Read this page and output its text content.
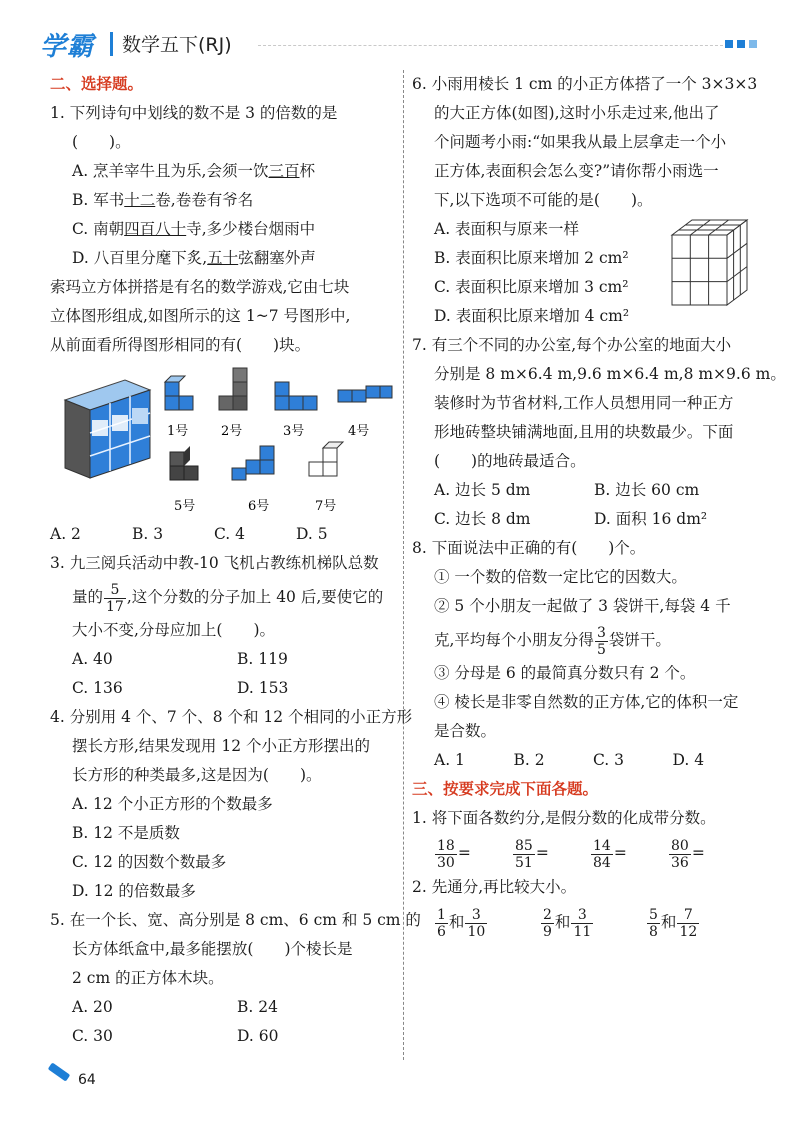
学霸 数学五下(RJ)
二、选择题。
1. 下列诗句中划线的数不是 3 的倍数的是
(　　)。
A. 烹羊宰牛且为乐,会须一饮三百杯
B. 军书十二卷,卷卷有爷名
C. 南朝四百八十寺,多少楼台烟雨中
D. 八百里分麾下炙,五十弦翻塞外声
索玛立方体拼搭是有名的数学游戏,它由七块
立体图形组成,如图所示的这 1~7 号图形中,
从前面看所得图形相同的有(　　)块。
1号	2号	3号	4号
5号	6号	7号
A. 2	B. 3	C. 4	D. 5
3. 九三阅兵活动中教-10 飞机占教练机梯队总数
量的 $\frac{5}{17}$ ,这个分数的分子加上 40 后,要使它的
大小不变,分母应加上(　　)。
A. 40	B. 119
C. 136	D. 153
4. 分别用 4 个、7 个、8 个和 12 个相同的小正方形
摆长方形,结果发现用 12 个小正方形摆出的
长方形的种类最多,这是因为(　　)。
A. 12 个小正方形的个数最多
B. 12 不是质数
C. 12 的因数个数最多
D. 12 的倍数最多
5. 在一个长、宽、高分别是 8 cm、6 cm 和 5 cm 的
长方体纸盒中,最多能摆放(　　)个棱长是
2 cm 的正方体木块。
A. 20	B. 24
C. 30	D. 60
6. 小雨用棱长 1 cm 的小正方体搭了一个 3×3×3
的大正方体(如图),这时小乐走过来,他出了
个问题考小雨:“如果我从最上层拿走一个小
正方体,表面积会怎么变?”请你帮小雨选一
下,以下选项不可能的是(　　)。
A. 表面积与原来一样
B. 表面积比原来增加 2 cm²
C. 表面积比原来增加 3 cm²
D. 表面积比原来增加 4 cm²
7. 有三个不同的办公室,每个办公室的地面大小
分别是 8 m×6.4 m,9.6 m×6.4 m,8 m×9.6 m。
装修时为节省材料,工作人员想用同一种正方
形地砖整块铺满地面,且用的块数最少。下面
(　　)的地砖最适合。
A. 边长 5 dm	B. 边长 60 cm
C. 边长 8 dm	D. 面积 16 dm²
8. 下面说法中正确的有(　　)个。
① 一个数的倍数一定比它的因数大。
② 5 个小朋友一起做了 3 袋饼干,每袋 4 千
克,平均每个小朋友分得 $\frac{3}{5}$ 袋饼干。
③ 分母是 6 的最简真分数只有 2 个。
④ 棱长是非零自然数的正方体,它的体积一定
是合数。
A. 1	B. 2	C. 3	D. 4
三、按要求完成下面各题。
1. 将下面各数约分,是假分数的化成带分数。
$\frac{18}{30}$ =	$\frac{85}{51}$ =	$\frac{14}{84}$ =	$\frac{80}{36}$ =
2. 先通分,再比较大小。
$\frac{1}{6}$ 和 $\frac{3}{10}$	$\frac{2}{9}$ 和 $\frac{3}{11}$	$\frac{5}{8}$ 和 $\frac{7}{12}$
64
